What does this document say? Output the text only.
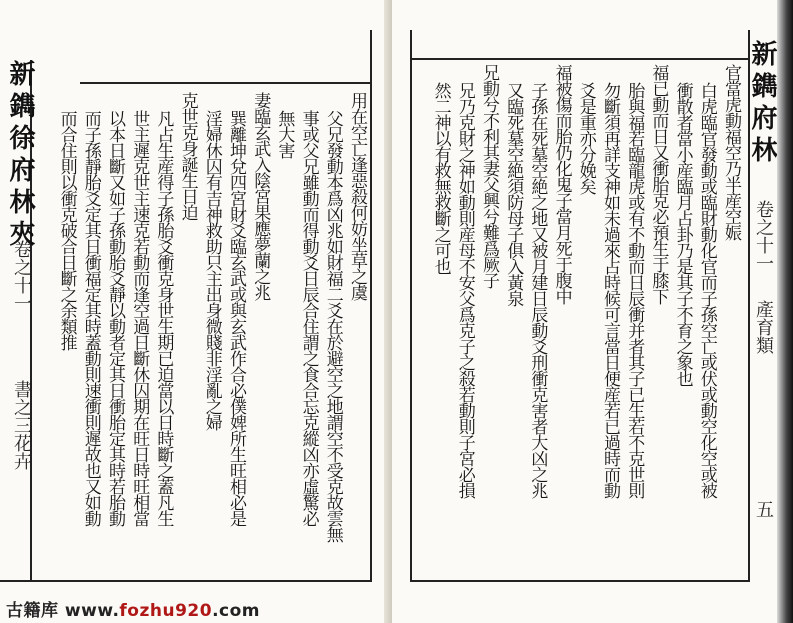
新鐫徐府林夾
卷之十一
書之三花卉
用在空亡逢惡殺何妨坐草之虞
父兄發動本爲凶兆如財福二爻在於避空之地謂空不受克故雲無
事或父兄雖動而得動爻日辰合住謂之食合忘克縱凶亦虛驚必
無大害
妻臨玄武入陰宮果應夢蘭之兆
巽離坤兌四宮財爻臨玄武或與玄武作合必僕婢所生旺相必是
淫婦休囚有吉神救助只主出身微賤非淫亂之婦
克世克身誕生日迫
凡占生産得子孫胎爻衝克身世生期已迫當以日時斷之蓋凡生
世主遲克世主速克若動而逢空過日斷休囚期在旺日時旺相當
以本日斷又如子孫動胎爻靜以動者定其日衝胎定其時若胎動
而子孫靜胎爻定其日衝福定其時蓋動則速衝則遲故也又如動
而合住則以衝克破合日斷之余類推
新鐫府林
卷之十一
產育類
五
官當虎動福空乃半産空娠
白虎臨官發動或臨財動化官而子孫空亡或伏或動空化空或被
衝散者當小産臨月占卦乃是其子不育之象也
福已動而日又衝胎克必預生于膝下
胎與福若臨龍虎或有不動而日辰衝并者其子已生若不克世則
勿斷須再詳支神如未過來占時候可言當日便産若已過時而動
爻是重亦分娩矣
福被傷而胎仍化鬼子當月死于腹中
子孫在死墓空絶之地又被月建日辰動爻刑衝克害者大凶之兆
又臨死墓空絶須防母子俱入黃泉
兄動兮不利其妻父興兮難爲厥子
兄乃克財之神如動則産母不安父爲克子之殺若動則子宮必損
然二神以有救無救斷之可也
古籍库 www.fozhu920.com
